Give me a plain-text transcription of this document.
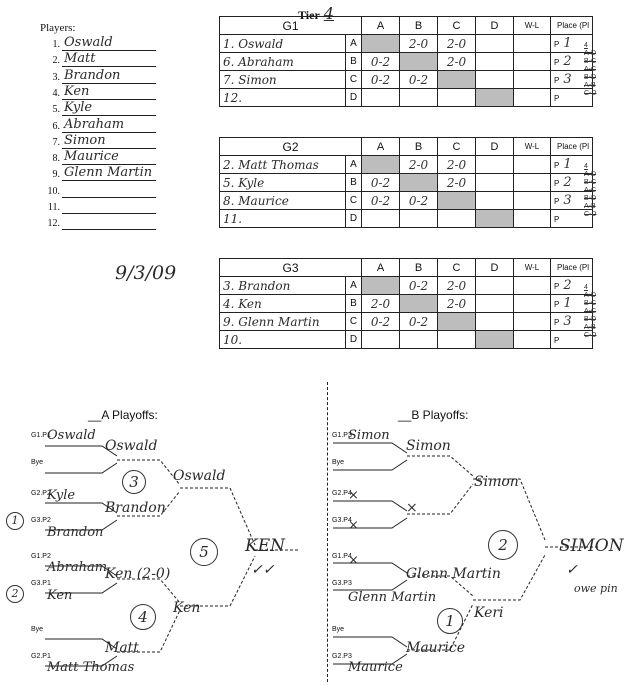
Players:
1. Oswald
2. Matt
3. Brandon
4. Ken
5. Kyle
6. Abraham
7. Simon
8. Maurice
9. Glenn Martin
10.
11.
12.
9/3/09
Tier 4
G1		A	B	C	D	W-L	Place (Pl
1. Oswald	A		2-0	2-0			P 1
6. Abraham	B	0-2		2-0			P 2
7. Simon	C	0-2	0-2				P 3
12.	D						P
4
A-D
B-C
A-C
B-D
A-B
C-D
G2		A	B	C	D	W-L	Place (Pl
2. Matt Thomas	A		2-0	2-0			P 1
5. Kyle	B	0-2		2-0			P 2
8. Maurice	C	0-2	0-2				P 3
11.	D						P
4
A-D
B-C
A-C
B-D
A-B
C-D
G3		A	B	C	D	W-L	Place (Pl
3. Brandon	A		0-2	2-0			P 2
4. Ken	B	2-0		2-0			P 1
9. Glenn Martin	C	0-2	0-2				P 3
10.	D						P
4
A-D
B-C
A-C
B-D
A-B
C-D
__A Playoffs:	__B Playoffs:
G1.P1
Bye
G2.P2
G3.P2
G1.P2
G3.P1
Bye
G2.P1
Oswald
Kyle
Brandon
Abraham
Ken
Matt Thomas
Oswald
Brandon
Ken (2-0)
Matt
Oswald
Ken
KEN
✓✓
3
5
4
1
2
G1.P3
Bye
G2.P4
G3.P4
G1.P4
G3.P3
Bye
G2.P3
Simon
×
×
×
Glenn Martin
Maurice
Simon
×
Glenn Martin
Maurice
Simon
Keri
SIMON
✓
owe pin
2
1
